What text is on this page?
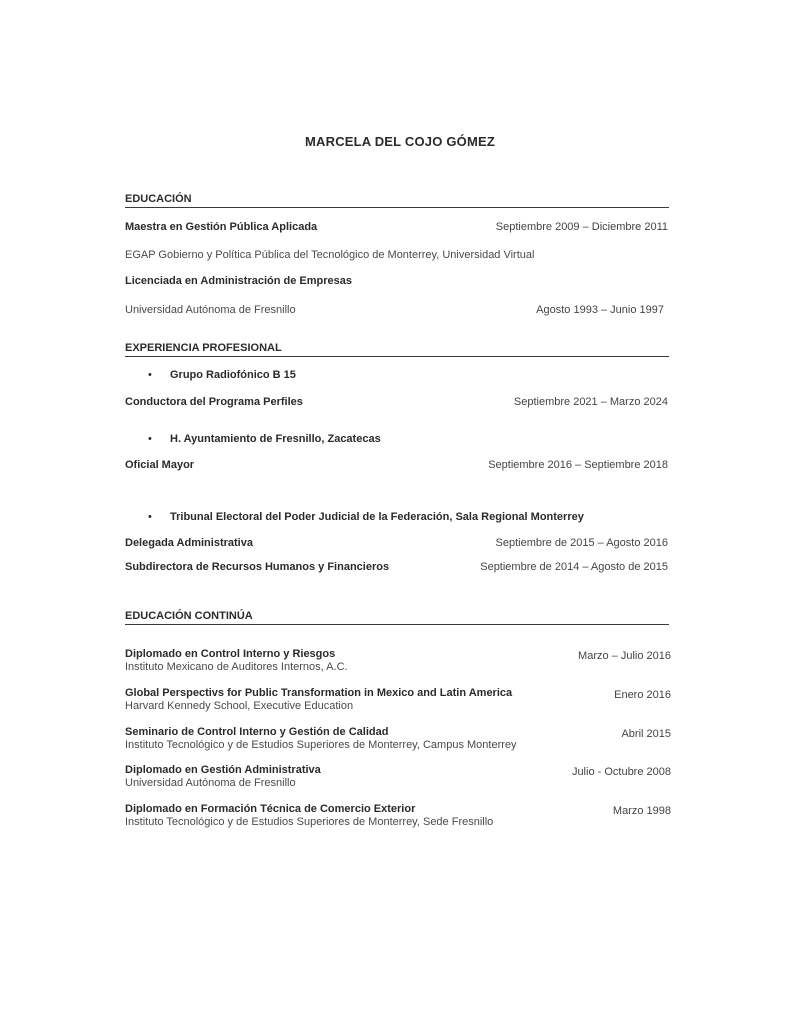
MARCELA DEL COJO GÓMEZ
EDUCACIÓN
Maestra en Gestión Pública Aplicada	Septiembre 2009 – Diciembre 2011
EGAP Gobierno y Política Pública del Tecnológico de Monterrey, Universidad Virtual
Licenciada en Administración de Empresas
Universidad Autónoma de Fresnillo	Agosto 1993 – Junio 1997
EXPERIENCIA PROFESIONAL
• Grupo Radiofónico B 15
Conductora del Programa Perfiles	Septiembre 2021 – Marzo 2024
• H. Ayuntamiento de Fresnillo, Zacatecas
Oficial Mayor	Septiembre 2016 – Septiembre 2018
• Tribunal Electoral del Poder Judicial de la Federación, Sala Regional Monterrey
Delegada Administrativa	Septiembre de 2015 – Agosto 2016
Subdirectora de Recursos Humanos y Financieros	Septiembre de 2014 – Agosto de 2015
EDUCACIÓN CONTINÚA
Diplomado en Control Interno y Riesgos
Instituto Mexicano de Auditores Internos, A.C.
Marzo – Julio 2016
Global Perspectivs for Public Transformation in Mexico and Latin America
Harvard Kennedy School, Executive Education
Enero 2016
Seminario de Control Interno y Gestión de Calidad
Instituto Tecnológico y de Estudios Superiores de Monterrey, Campus Monterrey
Abril 2015
Diplomado en Gestión Administrativa
Universidad Autónoma de Fresnillo
Julio - Octubre 2008
Diplomado en Formación Técnica de Comercio Exterior
Instituto Tecnológico y de Estudios Superiores de Monterrey, Sede Fresnillo
Marzo 1998
